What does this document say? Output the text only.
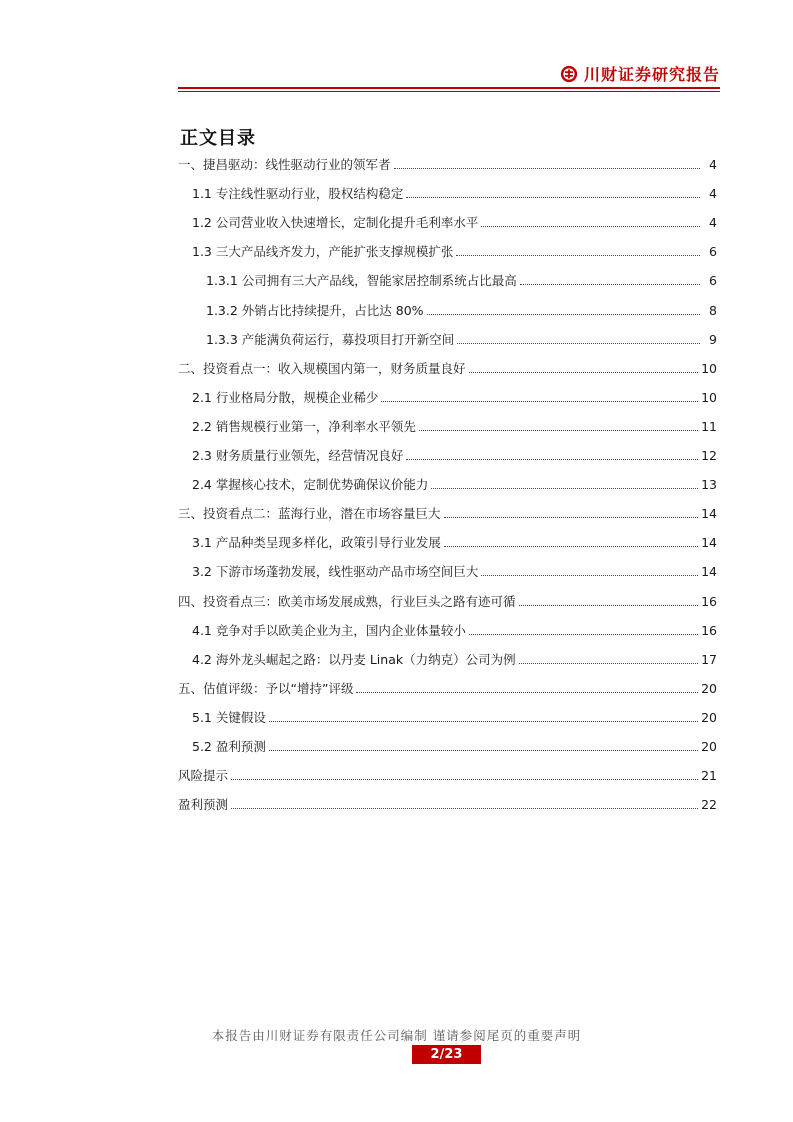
川财证券研究报告
正文目录
一、 捷昌驱动：线性驱动行业的领军者	4
1.1 专注线性驱动行业，股权结构稳定	4
1.2 公司营业收入快速增长，定制化提升毛利率水平	4
1.3 三大产品线齐发力，产能扩张支撑规模扩张	6
1.3.1 公司拥有三大产品线，智能家居控制系统占比最高	6
1.3.2 外销占比持续提升，占比达 80%	8
1.3.3 产能满负荷运行，募投项目打开新空间	9
二、 投资看点一：收入规模国内第一，财务质量良好	10
2.1 行业格局分散，规模企业稀少	10
2.2 销售规模行业第一，净利率水平领先	11
2.3 财务质量行业领先，经营情况良好	12
2.4 掌握核心技术，定制优势确保议价能力	13
三、 投资看点二：蓝海行业，潜在市场容量巨大	14
3.1 产品种类呈现多样化，政策引导行业发展	14
3.2 下游市场蓬勃发展，线性驱动产品市场空间巨大	14
四、 投资看点三：欧美市场发展成熟，行业巨头之路有迹可循	16
4.1 竞争对手以欧美企业为主，国内企业体量较小	16
4.2 海外龙头崛起之路：以丹麦 Linak（力纳克）公司为例	17
五、 估值评级：予以“增持”评级	20
5.1 关键假设	20
5.2 盈利预测	20
风险提示	21
盈利预测	22
本报告由川财证券有限责任公司编制 谨请参阅尾页的重要声明
2/23
